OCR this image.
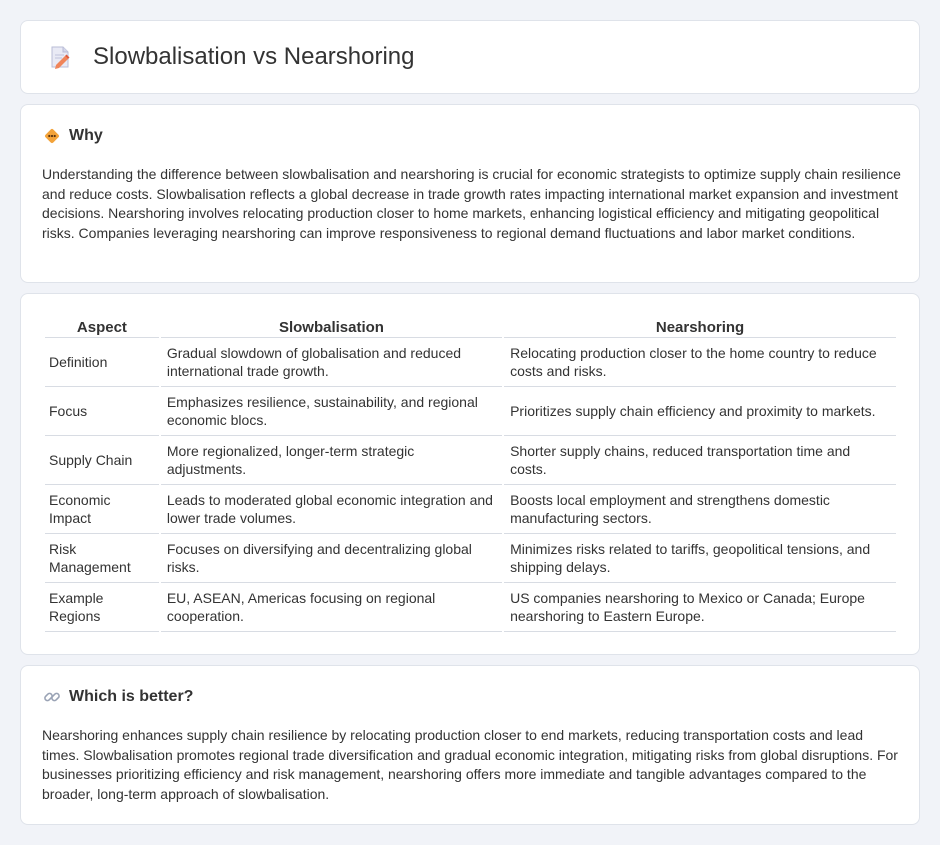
Slowbalisation vs Nearshoring
Why

Understanding the difference between slowbalisation and nearshoring is crucial for economic strategists to optimize supply chain resilience and reduce costs. Slowbalisation reflects a global decrease in trade growth rates impacting international market expansion and investment decisions. Nearshoring involves relocating production closer to home markets, enhancing logistical efficiency and mitigating geopolitical risks. Companies leveraging nearshoring can improve responsiveness to regional demand fluctuations and labor market conditions.

Aspect	Slowbalisation	Nearshoring
Definition	Gradual slowdown of globalisation and reduced international trade growth.	Relocating production closer to the home country to reduce costs and risks.
Focus	Emphasizes resilience, sustainability, and regional economic blocs.	Prioritizes supply chain efficiency and proximity to markets.
Supply Chain	More regionalized, longer-term strategic adjustments.	Shorter supply chains, reduced transportation time and costs.
Economic Impact	Leads to moderated global economic integration and lower trade volumes.	Boosts local employment and strengthens domestic manufacturing sectors.
Risk Management	Focuses on diversifying and decentralizing global risks.	Minimizes risks related to tariffs, geopolitical tensions, and shipping delays.
Example Regions	EU, ASEAN, Americas focusing on regional cooperation.	US companies nearshoring to Mexico or Canada; Europe nearshoring to Eastern Europe.
Which is better?

Nearshoring enhances supply chain resilience by relocating production closer to end markets, reducing transportation costs and lead times. Slowbalisation promotes regional trade diversification and gradual economic integration, mitigating risks from global disruptions. For businesses prioritizing efficiency and risk management, nearshoring offers more immediate and tangible advantages compared to the broader, long-term approach of slowbalisation.
